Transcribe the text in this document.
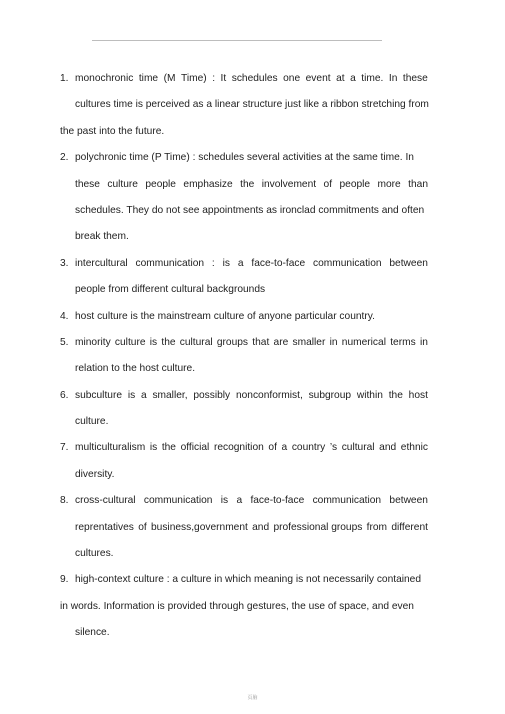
1. monochronic time (M Time) : It schedules one event at a time. In these
cultures time is perceived as a linear structure just like a ribbon stretching from
the past into the future.
2. polychronic time (P Time) : schedules several activities at the same time. In
these culture people emphasize the involvement of people more than
schedules. They do not see appointments as ironclad commitments and often
break them.
3. intercultural communication : is a face-to-face communication between
people from different cultural backgrounds
4. host culture is the mainstream culture of anyone particular country.
5. minority culture is the cultural groups that are smaller in numerical terms in
relation to the host culture.
6. subculture is a smaller, possibly nonconformist, subgroup within the host
culture.
7. multiculturalism is the official recognition of a country ’s cultural and ethnic
diversity.
8. cross-cultural communication is a face-to-face communication between
reprentatives of business,government and professional groups from different
cultures.
9. high-context culture : a culture in which meaning is not necessarily contained
in words. Information is provided through gestures, the use of space, and even
silence.
页脑
